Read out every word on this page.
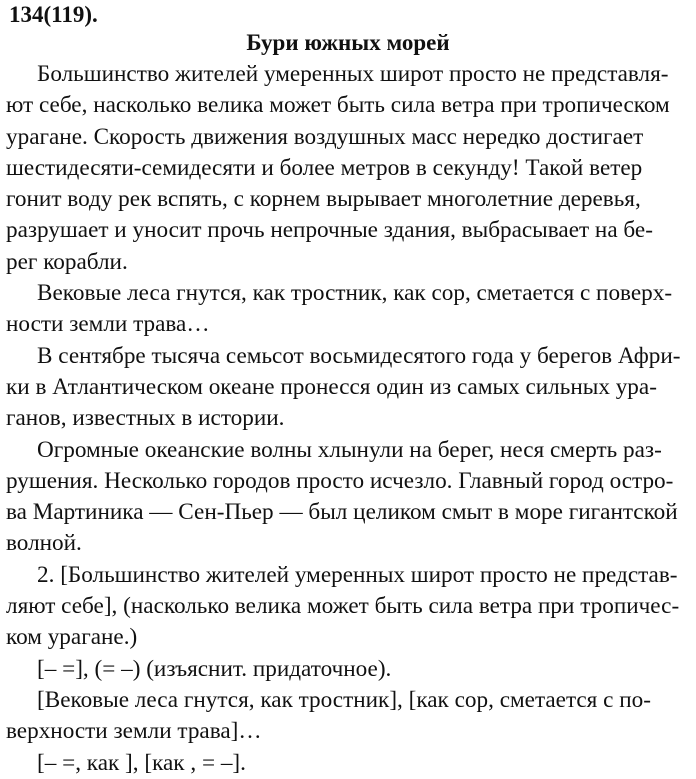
134(119).
Бури южных морей
Большинство жителей умеренных широт просто не представля-
ют себе, насколько велика может быть сила ветра при тропическом
урагане. Скорость движения воздушных масс нередко достигает
шестидесяти-семидесяти и более метров в секунду! Такой ветер
гонит воду рек вспять, с корнем вырывает многолетние деревья,
разрушает и уносит прочь непрочные здания, выбрасывает на бе-
рег корабли.
Вековые леса гнутся, как тростник, как сор, сметается с поверх-
ности земли трава…
В сентябре тысяча семьсот восьмидесятого года у берегов Афри-
ки в Атлантическом океане пронесся один из самых сильных ура-
ганов, известных в истории.
Огромные океанские волны хлынули на берег, неся смерть раз-
рушения. Несколько городов просто исчезло. Главный город остро-
ва Мартиника — Сен-Пьер — был целиком смыт в море гигантской
волной.
2. [Большинство жителей умеренных широт просто не представ-
ляют себе], (насколько велика может быть сила ветра при тропичес-
ком урагане.)
[– =], (= –) (изъяснит. придаточное).
[Вековые леса гнутся, как тростник], [как сор, сметается с по-
верхности земли трава]…
[– =, как ], [как , = –].
